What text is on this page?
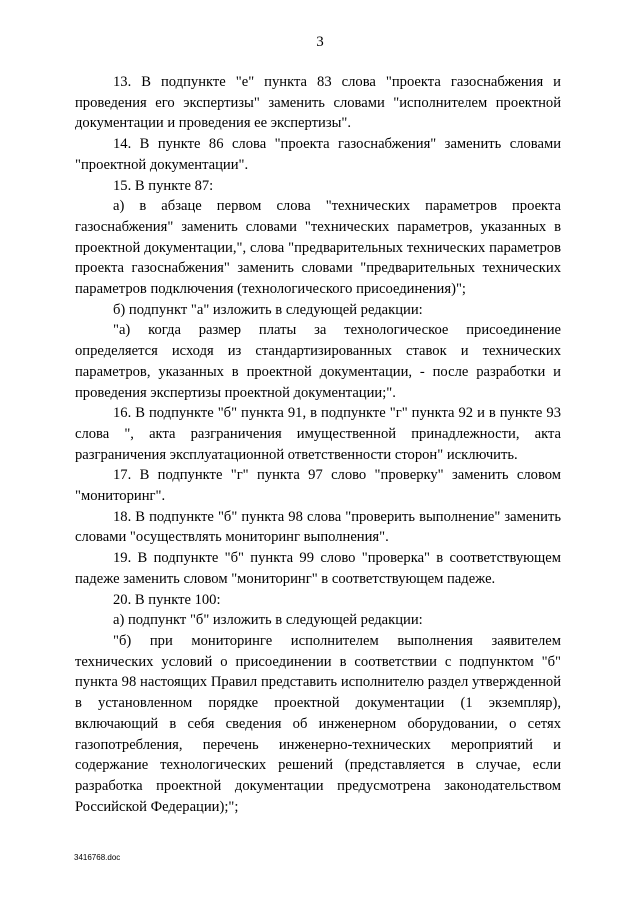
3

13. В подпункте "е" пункта 83 слова "проекта газоснабжения и проведения его экспертизы" заменить словами "исполнителем проектной документации и проведения ее экспертизы".

14. В пункте 86 слова "проекта газоснабжения" заменить словами "проектной документации".

15. В пункте 87:

а) в абзаце первом слова "технических параметров проекта газоснабжения" заменить словами "технических параметров, указанных в проектной документации,", слова "предварительных технических параметров проекта газоснабжения" заменить словами "предварительных технических параметров подключения (технологического присоединения)";

б) подпункт "а" изложить в следующей редакции:

"а) когда размер платы за технологическое присоединение определяется исходя из стандартизированных ставок и технических параметров, указанных в проектной документации, - после разработки и проведения экспертизы проектной документации;".

16. В подпункте "б" пункта 91, в подпункте "г" пункта 92 и в пункте 93 слова ", акта разграничения имущественной принадлежности, акта разграничения эксплуатационной ответственности сторон" исключить.

17. В подпункте "г" пункта 97 слово "проверку" заменить словом "мониторинг".

18. В подпункте "б" пункта 98 слова "проверить выполнение" заменить словами "осуществлять мониторинг выполнения".

19. В подпункте "б" пункта 99 слово "проверка" в соответствующем падеже заменить словом "мониторинг" в соответствующем падеже.

20. В пункте 100:

а) подпункт "б" изложить в следующей редакции:

"б) при мониторинге исполнителем выполнения заявителем технических условий о присоединении в соответствии с подпунктом "б" пункта 98 настоящих Правил представить исполнителю раздел утвержденной в установленном порядке проектной документации (1 экземпляр), включающий в себя сведения об инженерном оборудовании, о сетях газопотребления, перечень инженерно-технических мероприятий и содержание технологических решений (представляется в случае, если разработка проектной документации предусмотрена законодательством Российской Федерации);";

3416768.doc
